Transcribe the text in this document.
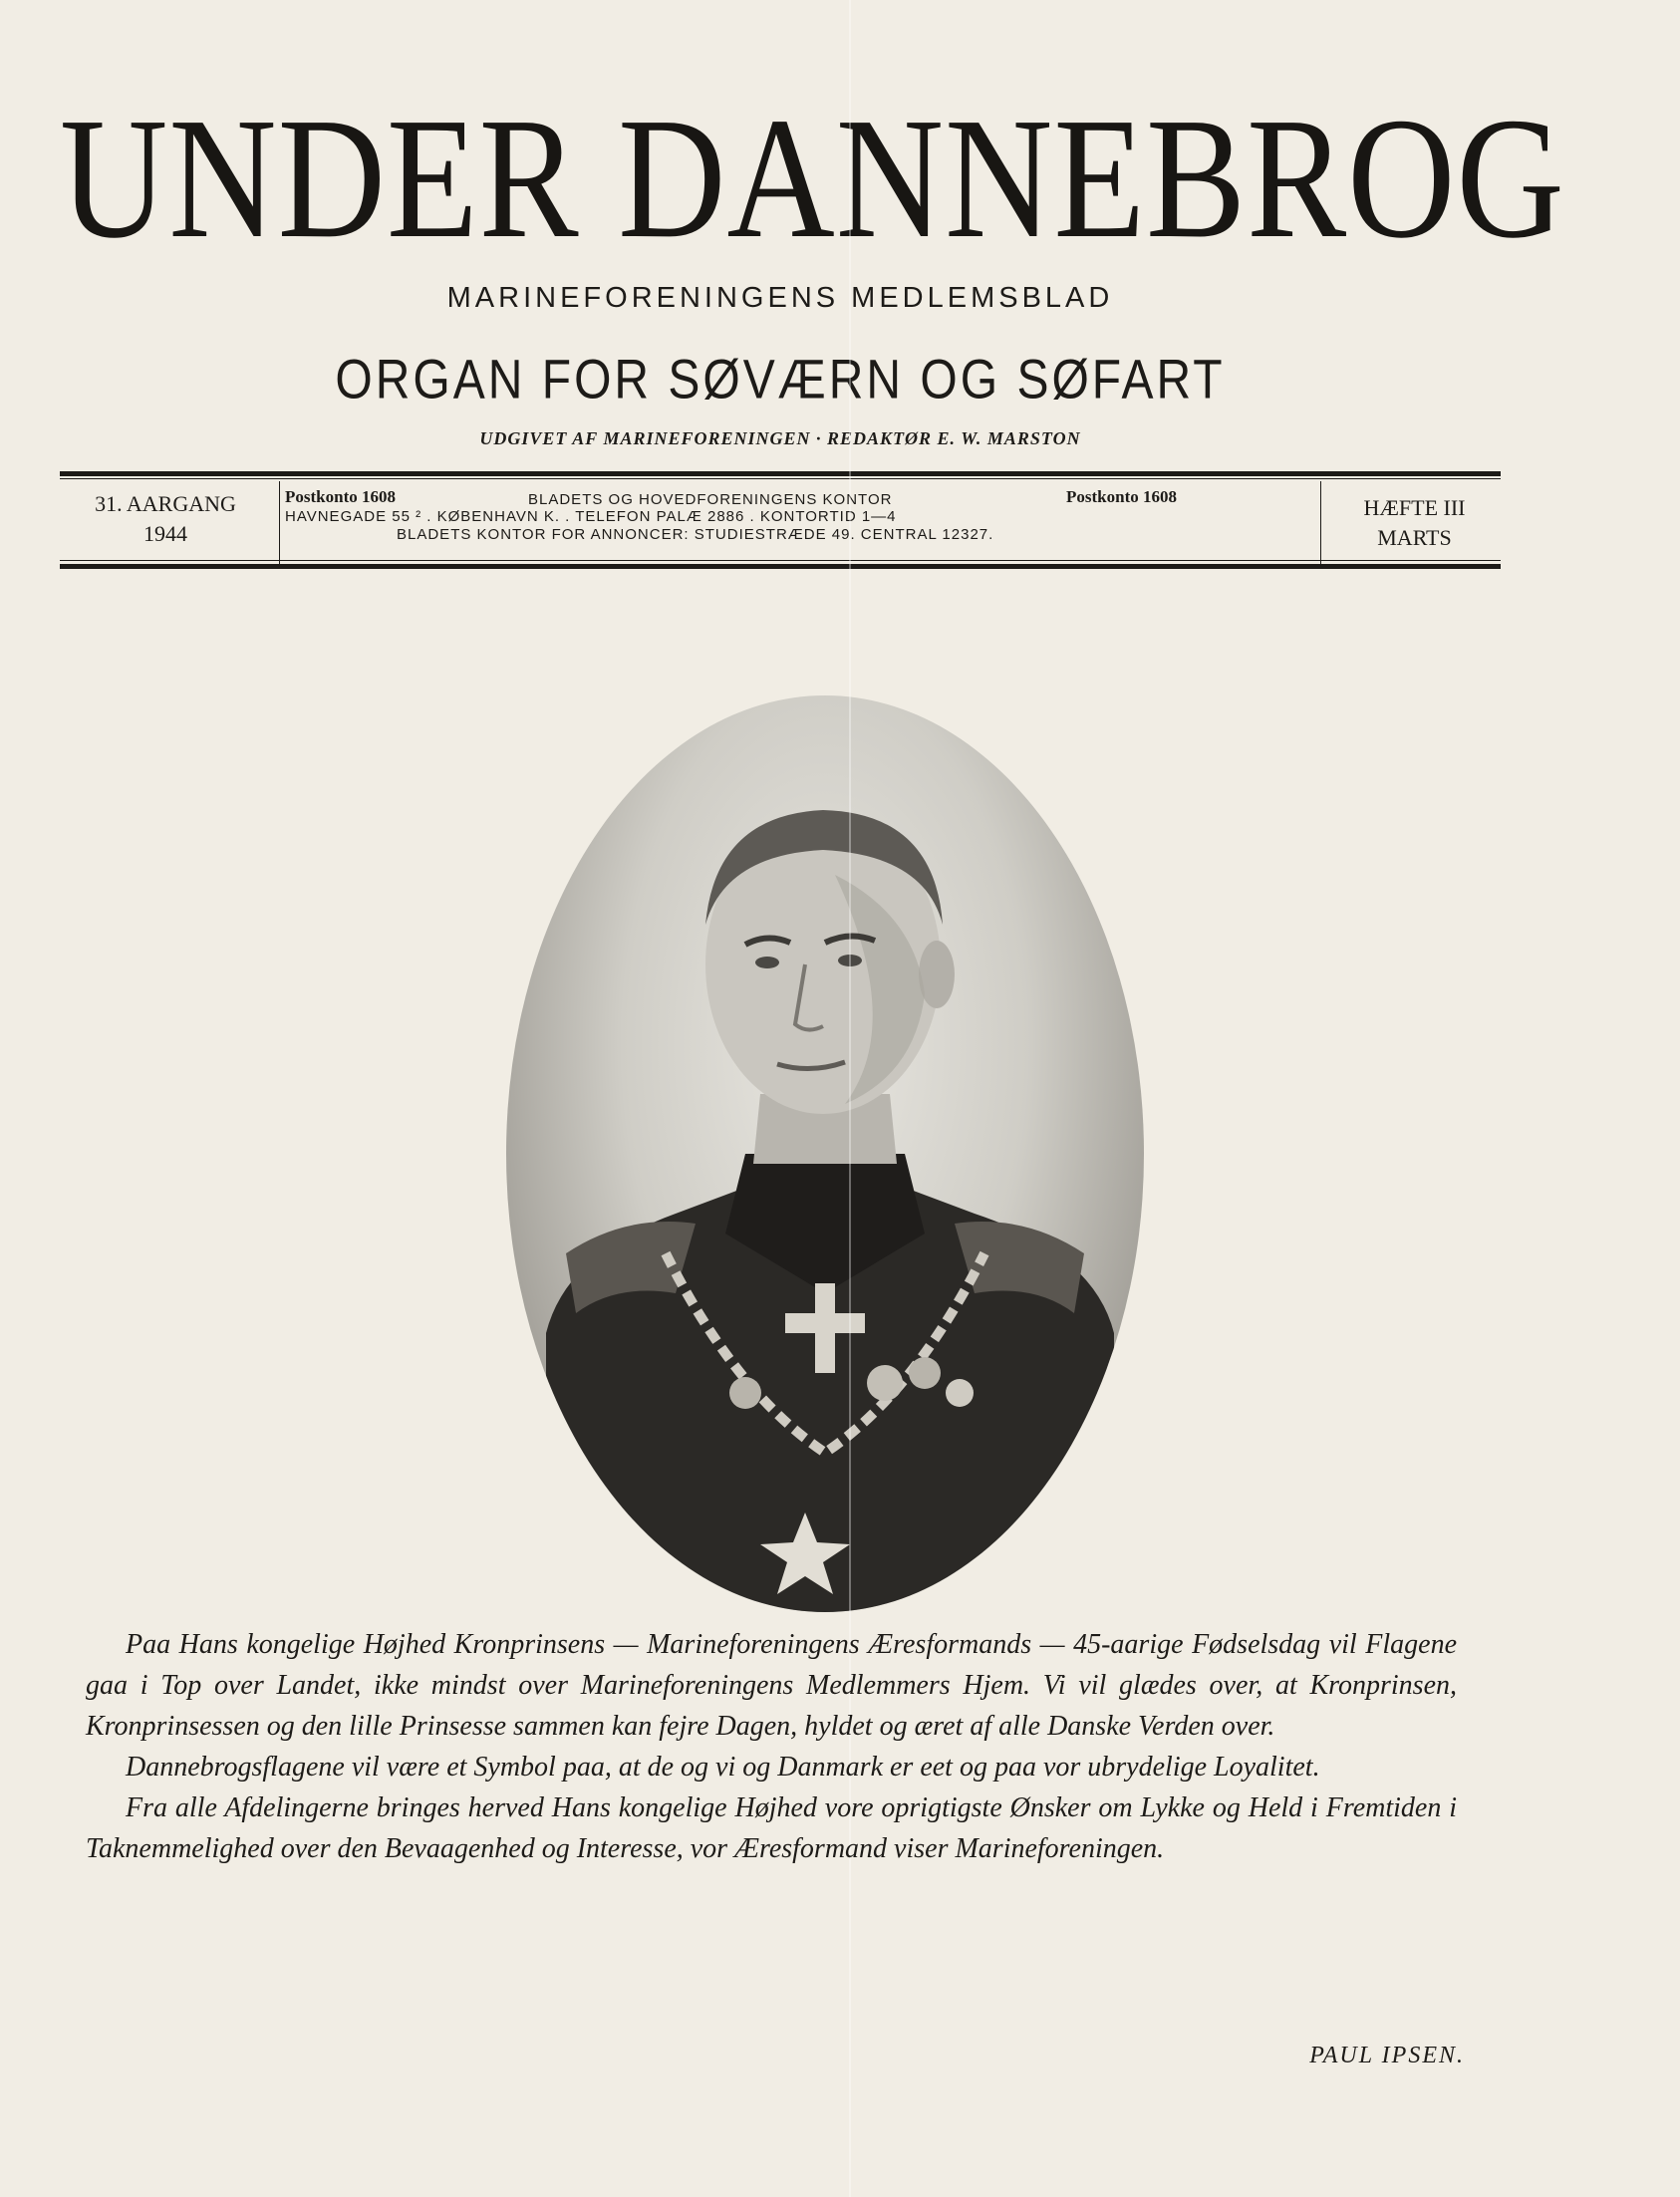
UNDER DANNEBROG
MARINEFORENINGENS MEDLEMSBLAD
ORGAN FOR SØVÆRN OG SØFART
UDGIVET AF MARINEFORENINGEN · REDAKTØR E. W. MARSTON
31. AARGANG
1944
Postkonto 1608	BLADETS OG HOVEDFORENINGENS KONTOR	Postkonto 1608
HAVNEGADE 55 ² . KØBENHAVN K. . TELEFON PALÆ 2886 . KONTORTID 1—4
BLADETS KONTOR FOR ANNONCER: STUDIESTRÆDE 49. CENTRAL 12327.
HÆFTE III
MARTS

Paa Hans kongelige Højhed Kronprinsens — Marineforeningens Æresformands — 45-aarige Fødselsdag vil Flagene gaa i Top over Landet, ikke mindst over Marineforeningens Medlemmers Hjem. Vi vil glædes over, at Kronprinsen, Kronprinsessen og den lille Prinsesse sammen kan fejre Dagen, hyldet og æret af alle Danske Verden over.

Dannebrogsflagene vil være et Symbol paa, at de og vi og Danmark er eet og paa vor ubrydelige Loyalitet.

Fra alle Afdelingerne bringes herved Hans kongelige Højhed vore oprigtigste Ønsker om Lykke og Held i Fremtiden i Taknemmelighed over den Bevaagenhed og Interesse, vor Æresformand viser Marineforeningen.

PAUL IPSEN.
